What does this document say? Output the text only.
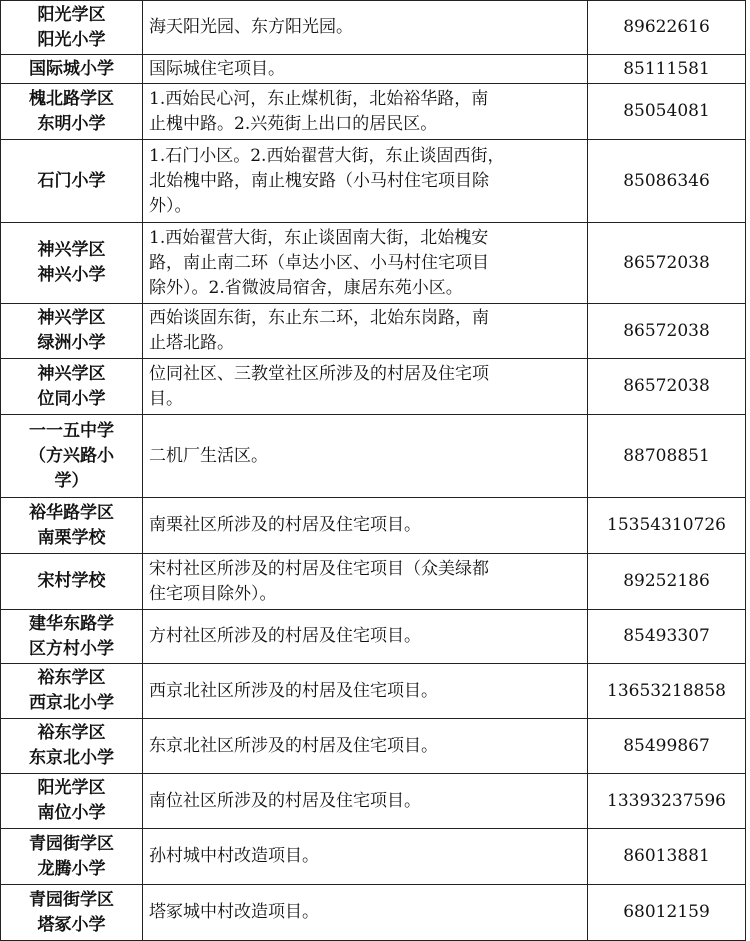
阳光学区
阳光小学	海天阳光园、东方阳光园。	89622616

国际城小学	国际城住宅项目。	85111581

槐北路学区
东明小学	1.西始民心河，东止煤机街，北始裕华路，南
止槐中路。2.兴苑街上出口的居民区。	85054081

石门小学	1.石门小区。2.西始翟营大街，东止谈固西街，
北始槐中路，南止槐安路（小马村住宅项目除
外）。	85086346

神兴学区
神兴小学	1.西始翟营大街，东止谈固南大街，北始槐安
路，南止南二环（卓达小区、小马村住宅项目
除外）。2.省微波局宿舍，康居东苑小区。	86572038

神兴学区
绿洲小学	西始谈固东街，东止东二环，北始东岗路，南
止塔北路。	86572038

神兴学区
位同小学	位同社区、三教堂社区所涉及的村居及住宅项
目。	86572038

一一五中学
（方兴路小
学）	二机厂生活区。	88708851

裕华路学区
南栗学校	南栗社区所涉及的村居及住宅项目。	15354310726

宋村学校	宋村社区所涉及的村居及住宅项目（众美绿都
住宅项目除外）。	89252186

建华东路学
区方村小学	方村社区所涉及的村居及住宅项目。	85493307

裕东学区
西京北小学	西京北社区所涉及的村居及住宅项目。	13653218858

裕东学区
东京北小学	东京北社区所涉及的村居及住宅项目。	85499867

阳光学区
南位小学	南位社区所涉及的村居及住宅项目。	13393237596

青园街学区
龙腾小学	孙村城中村改造项目。	86013881

青园街学区
塔冢小学	塔冢城中村改造项目。	68012159
